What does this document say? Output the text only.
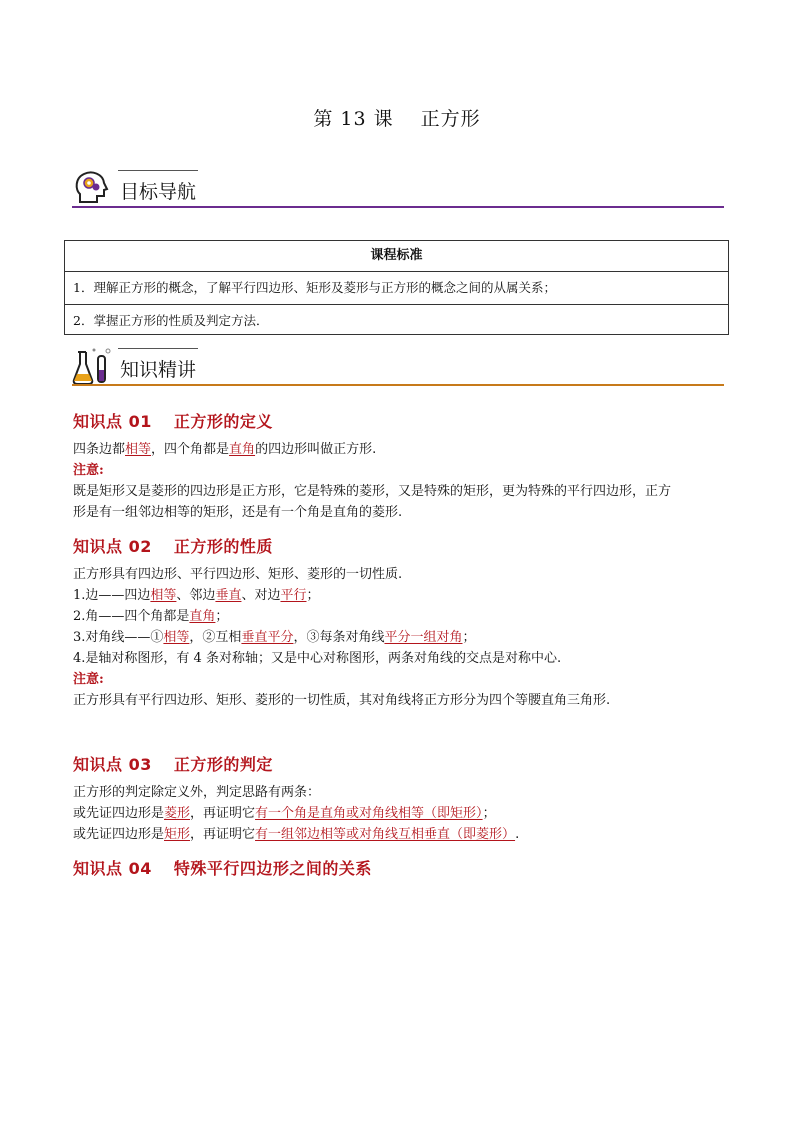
第 13 课　 正方形
目标导航
课程标准
1．理解正方形的概念，了解平行四边形、矩形及菱形与正方形的概念之间的从属关系；
2．掌握正方形的性质及判定方法．
知识精讲
知识点 01 正方形的定义
四条边都相等，四个角都是直角的四边形叫做正方形.
注意:
既是矩形又是菱形的四边形是正方形，它是特殊的菱形，又是特殊的矩形，更为特殊的平行四边形，正方
形是有一组邻边相等的矩形，还是有一个角是直角的菱形.
知识点 02 正方形的性质
正方形具有四边形、平行四边形、矩形、菱形的一切性质.
1.边——四边相等、邻边垂直、对边平行；
2.角——四个角都是直角；
3.对角线——①相等，②互相垂直平分，③每条对角线平分一组对角；
4.是轴对称图形，有 4 条对称轴；又是中心对称图形，两条对角线的交点是对称中心.
注意:
正方形具有平行四边形、矩形、菱形的一切性质，其对角线将正方形分为四个等腰直角三角形.
知识点 03 正方形的判定
正方形的判定除定义外，判定思路有两条：
或先证四边形是菱形，再证明它有一个角是直角或对角线相等（即矩形）；
或先证四边形是矩形，再证明它有一组邻边相等或对角线互相垂直（即菱形）.
知识点 04 特殊平行四边形之间的关系
